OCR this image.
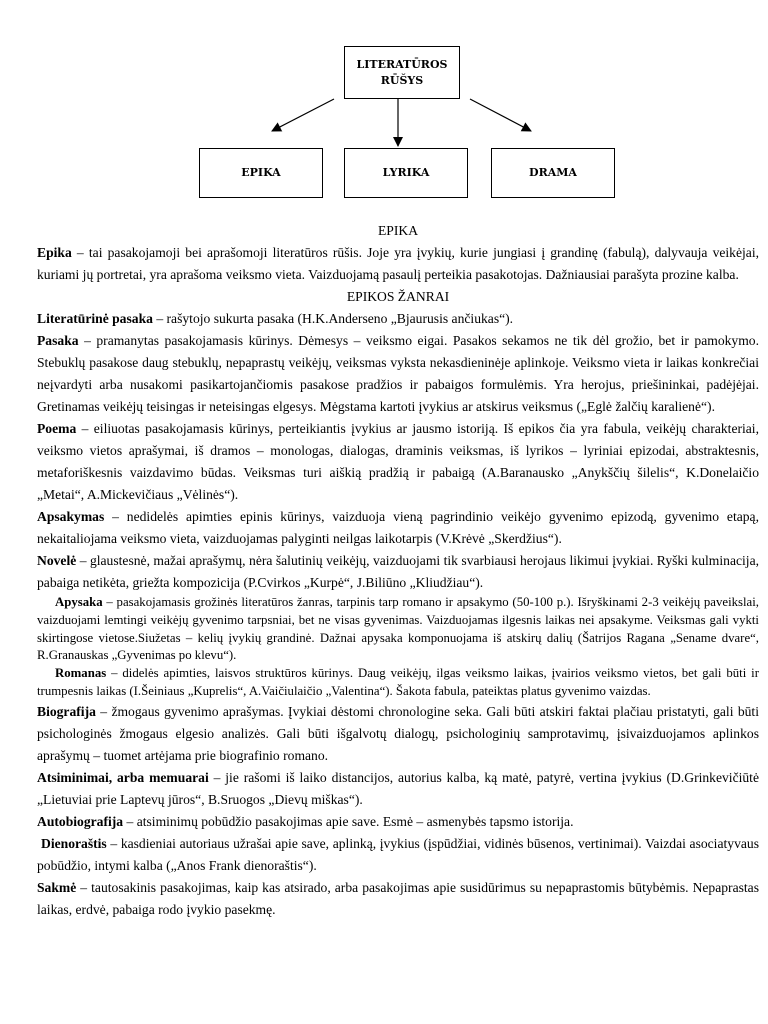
LITERATŪROS
RŪŠYS
EPIKA	LYRIKA	DRAMA

EPIKA

Epika – tai pasakojamoji bei aprašomoji literatūros rūšis. Joje yra įvykių, kurie jungiasi į grandinę (fabulą), dalyvauja veikėjai, kuriami jų portretai, yra aprašoma veiksmo vieta. Vaizduojamą pasaulį perteikia pasakotojas. Dažniausiai parašyta prozine kalba.

EPIKOS ŽANRAI

Literatūrinė pasaka – rašytojo sukurta pasaka (H.K.Anderseno „Bjaurusis ančiukas“).

Pasaka – pramanytas pasakojamasis kūrinys. Dėmesys – veiksmo eigai. Pasakos sekamos ne tik dėl grožio, bet ir pamokymo. Stebuklų pasakose daug stebuklų, nepaprastų veikėjų, veiksmas vyksta nekasdieninėje aplinkoje. Veiksmo vieta ir laikas konkrečiai neįvardyti arba nusakomi pasikartojančiomis pasakose pradžios ir pabaigos formulėmis. Yra herojus, priešininkai, padėjėjai. Gretinamas veikėjų teisingas ir neteisingas elgesys. Mėgstama kartoti įvykius ar atskirus veiksmus („Eglė žalčių karalienė“).

Poema – eiliuotas pasakojamasis kūrinys, perteikiantis įvykius ar jausmo istoriją. Iš epikos čia yra fabula, veikėjų charakteriai, veiksmo vietos aprašymai, iš dramos – monologas, dialogas, draminis veiksmas, iš lyrikos – lyriniai epizodai, abstraktesnis, metaforiškesnis vaizdavimo būdas. Veiksmas turi aiškią pradžią ir pabaigą (A.Baranausko „Anykščių šilelis“, K.Donelaičio „Metai“, A.Mickevičiaus „Vėlinės“).

Apsakymas – nedidelės apimties epinis kūrinys, vaizduoja vieną pagrindinio veikėjo gyvenimo epizodą, gyvenimo etapą, nekaitaliojama veiksmo vieta, vaizduojamas palyginti neilgas laikotarpis (V.Krėvė „Skerdžius“).

Novelė – glaustesnė, mažai aprašymų, nėra šalutinių veikėjų, vaizduojami tik svarbiausi herojaus likimui įvykiai. Ryški kulminacija, pabaiga netikėta, griežta kompozicija (P.Cvirkos „Kurpė“, J.Biliūno „Kliudžiau“).

Apysaka – pasakojamasis grožinės literatūros žanras, tarpinis tarp romano ir apsakymo (50-100 p.). Išryškinami 2-3 veikėjų paveikslai, vaizduojami lemtingi veikėjų gyvenimo tarpsniai, bet ne visas gyvenimas. Vaizduojamas ilgesnis laikas nei apsakyme. Veiksmas gali vykti skirtingose vietose.Siužetas – kelių įvykių grandinė. Dažnai apysaka komponuojama iš atskirų dalių (Šatrijos Ragana „Sename dvare“, R.Granauskas „Gyvenimas po klevu“).

Romanas – didelės apimties, laisvos struktūros kūrinys. Daug veikėjų, ilgas veiksmo laikas, įvairios veiksmo vietos, bet gali būti ir trumpesnis laikas (I.Šeiniaus „Kuprelis“, A.Vaičiulaičio „Valentina“). Šakota fabula, pateiktas platus gyvenimo vaizdas.

Biografija – žmogaus gyvenimo aprašymas. Įvykiai dėstomi chronologine seka. Gali būti atskiri faktai plačiau pristatyti, gali būti psichologinės žmogaus elgesio analizės. Gali būti išgalvotų dialogų, psichologinių samprotavimų, įsivaizduojamos aplinkos aprašymų – tuomet artėjama prie biografinio romano.

Atsiminimai, arba memuarai – jie rašomi iš laiko distancijos, autorius kalba, ką matė, patyrė, vertina įvykius (D.Grinkevičiūtė „Lietuviai prie Laptevų jūros“, B.Sruogos „Dievų miškas“).

Autobiografija – atsiminimų pobūdžio pasakojimas apie save. Esmė – asmenybės tapsmo istorija.

Dienoraštis – kasdieniai autoriaus užrašai apie save, aplinką, įvykius (įspūdžiai, vidinės būsenos, vertinimai). Vaizdai asociatyvaus pobūdžio, intymi kalba („Anos Frank dienoraštis“).

Sakmė – tautosakinis pasakojimas, kaip kas atsirado, arba pasakojimas apie susidūrimus su nepaprastomis būtybėmis. Nepaprastas laikas, erdvė, pabaiga rodo įvykio pasekmę.
